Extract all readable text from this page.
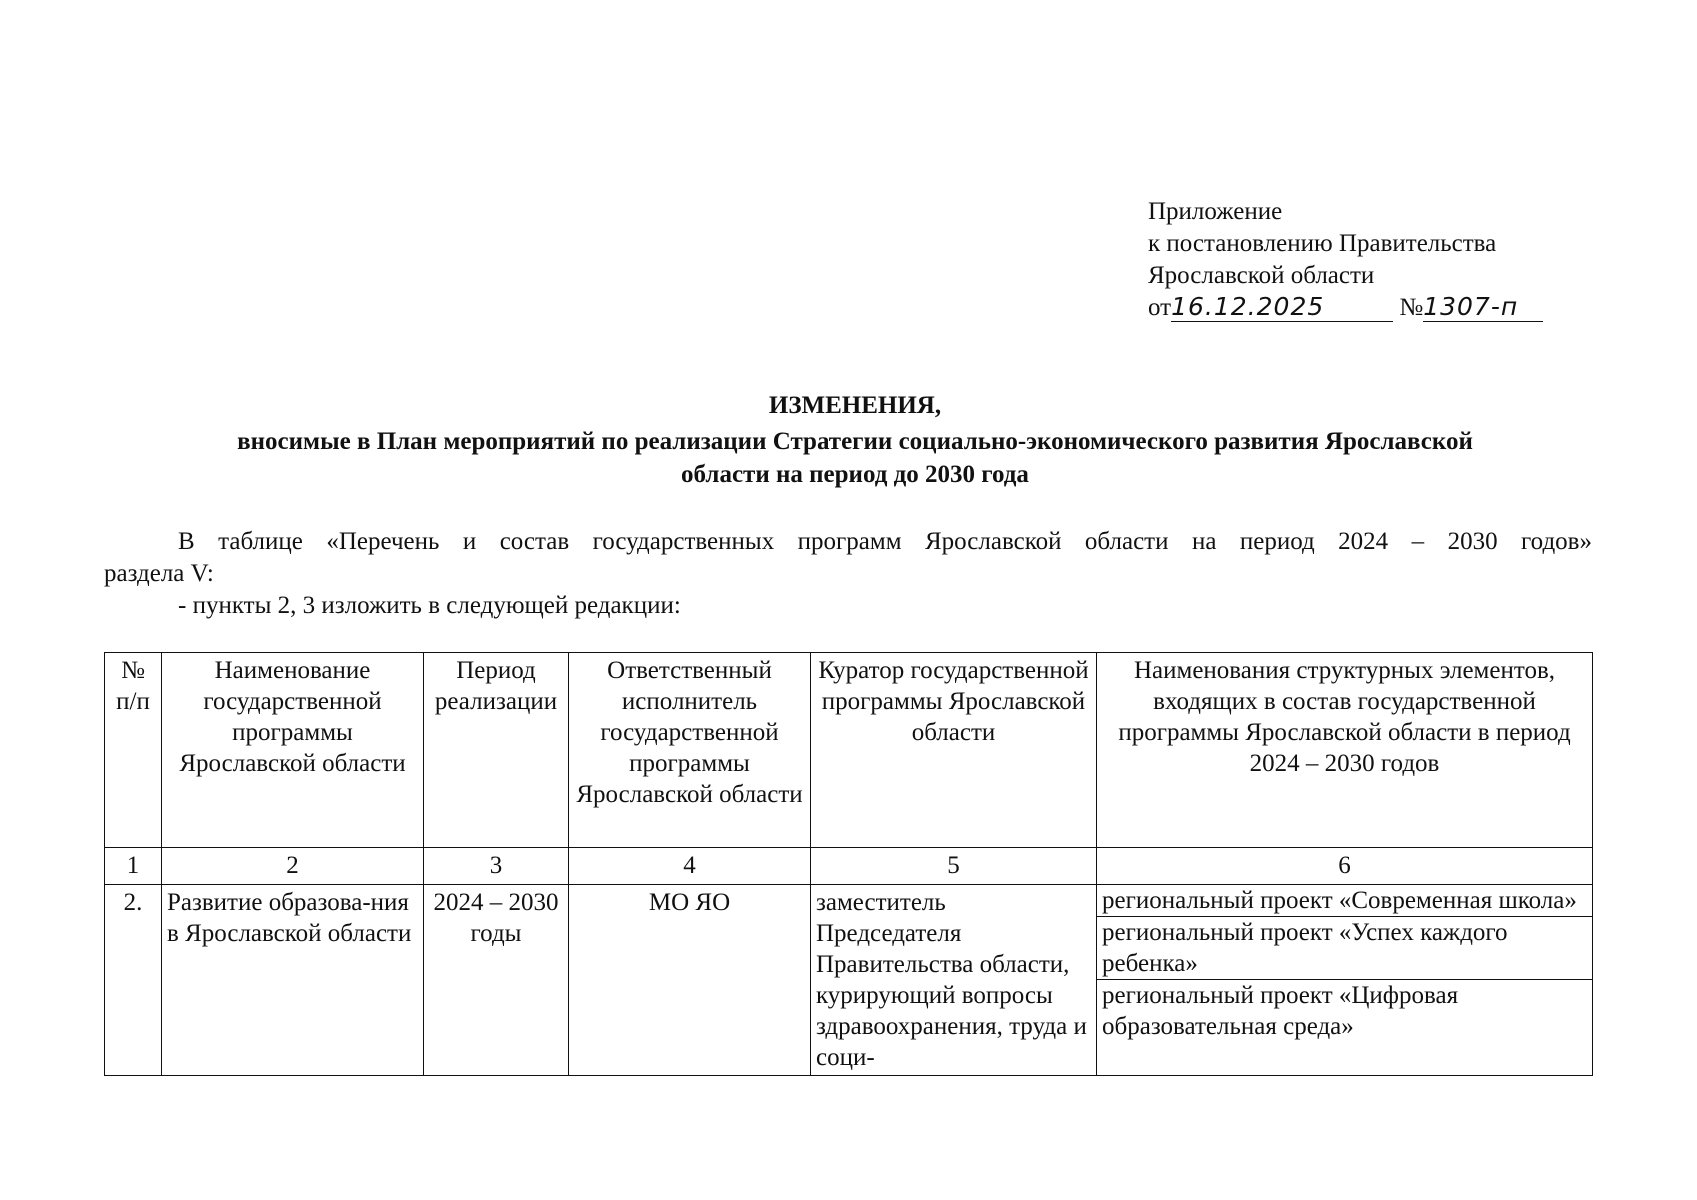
Приложение
к постановлению Правительства
Ярославской области
от16.12.2025	№1307-п
ИЗМЕНЕНИЯ,
вносимые в План мероприятий по реализации Стратегии социально-экономического развития Ярославской
области на период до 2030 года
В таблице «Перечень и состав государственных программ Ярославской области на период 2024 – 2030 годов»
раздела V:
- пункты 2, 3 изложить в следующей редакции:
№ п/п	Наименование государственной программы Ярославской области	Период реализации	Ответственный исполнитель государственной программы Ярославской области	Куратор государственной программы Ярославской области	Наименования структурных элементов, входящих в состав государственной программы Ярославской области в период 2024 – 2030 годов
1	2	3	4	5	6
2.	Развитие образова-ния в Ярославской области	2024 – 2030 годы	МО ЯО	заместитель Председателя Правительства области, курирующий вопросы здравоохранения, труда и соци-	региональный проект «Современная школа»
региональный проект «Успех каждого ребенка»
региональный проект «Цифровая образовательная среда»
